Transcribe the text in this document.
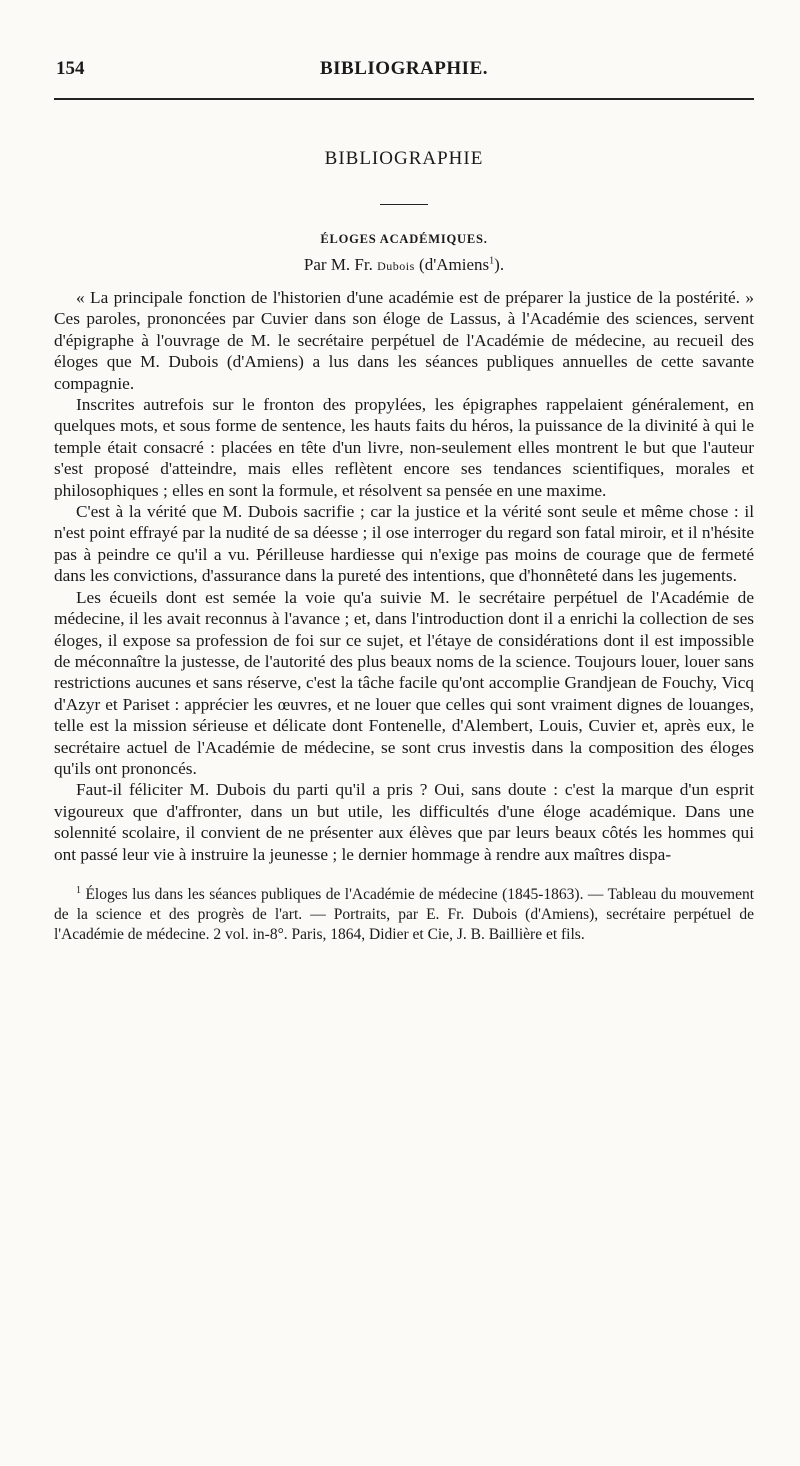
154	BIBLIOGRAPHIE.
BIBLIOGRAPHIE
ÉLOGES ACADÉMIQUES.
Par M. Fr. Dubois (d'Amiens$^1$).

« La principale fonction de l'historien d'une académie est de préparer la justice de la postérité. » Ces paroles, prononcées par Cuvier dans son éloge de Lassus, à l'Académie des sciences, servent d'épigraphe à l'ouvrage de M. le secrétaire perpétuel de l'Académie de médecine, au recueil des éloges que M. Dubois (d'Amiens) a lus dans les séances publiques annuelles de cette savante compagnie.

Inscrites autrefois sur le fronton des propylées, les épigraphes rappelaient généralement, en quelques mots, et sous forme de sentence, les hauts faits du héros, la puissance de la divinité à qui le temple était consacré : placées en tête d'un livre, non-seulement elles montrent le but que l'auteur s'est proposé d'atteindre, mais elles reflètent encore ses tendances scientifiques, morales et philosophiques ; elles en sont la formule, et résolvent sa pensée en une maxime.

C'est à la vérité que M. Dubois sacrifie ; car la justice et la vérité sont seule et même chose : il n'est point effrayé par la nudité de sa déesse ; il ose interroger du regard son fatal miroir, et il n'hésite pas à peindre ce qu'il a vu. Périlleuse hardiesse qui n'exige pas moins de courage que de fermeté dans les convictions, d'assurance dans la pureté des intentions, que d'honnêteté dans les jugements.

Les écueils dont est semée la voie qu'a suivie M. le secrétaire perpétuel de l'Académie de médecine, il les avait reconnus à l'avance ; et, dans l'introduction dont il a enrichi la collection de ses éloges, il expose sa profession de foi sur ce sujet, et l'étaye de considérations dont il est impossible de méconnaître la justesse, de l'autorité des plus beaux noms de la science. Toujours louer, louer sans restrictions aucunes et sans réserve, c'est la tâche facile qu'ont accomplie Grandjean de Fouchy, Vicq d'Azyr et Pariset : apprécier les œuvres, et ne louer que celles qui sont vraiment dignes de louanges, telle est la mission sérieuse et délicate dont Fontenelle, d'Alembert, Louis, Cuvier et, après eux, le secrétaire actuel de l'Académie de médecine, se sont crus investis dans la composition des éloges qu'ils ont prononcés.

Faut-il féliciter M. Dubois du parti qu'il a pris ? Oui, sans doute : c'est la marque d'un esprit vigoureux que d'affronter, dans un but utile, les difficultés d'une éloge académique. Dans une solennité scolaire, il convient de ne présenter aux élèves que par leurs beaux côtés les hommes qui ont passé leur vie à instruire la jeunesse ; le dernier hommage à rendre aux maîtres dispa-

$^1$ Éloges lus dans les séances publiques de l'Académie de médecine (1845-1863). — Tableau du mouvement de la science et des progrès de l'art. — Portraits, par E. Fr. Dubois (d'Amiens), secrétaire perpétuel de l'Académie de médecine. 2 vol. in-8°. Paris, 1864, Didier et Cie, J. B. Baillière et fils.
